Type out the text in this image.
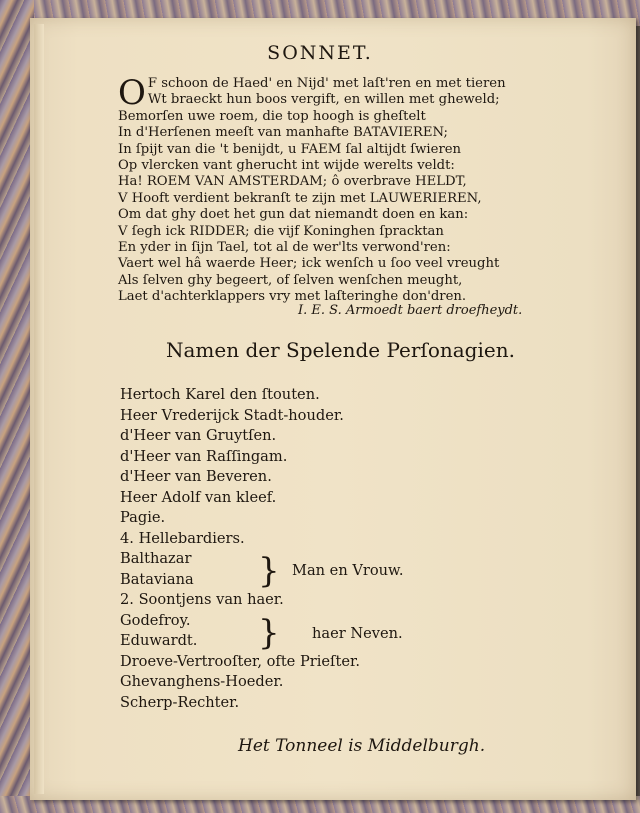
SONNET.
O F schoon de Haed' en Nijd' met laſt'ren en met tieren
Wt braeckt hun boos vergift, en willen met gheweld;
Bemorſen uwe roem, die top hoogh is gheſtelt
In d'Herſenen meeſt van manhafte BATAVIEREN;
In ſpijt van die 't benijdt, u FAEM ſal altijdt ſwieren
Op vlercken vant gherucht int wijde werelts veldt:
Ha! ROEM VAN AMSTERDAM; ô overbrave HELDT,
V Hooft verdient bekranſt te zijn met LAUWERIEREN,
Om dat ghy doet het gun dat niemandt doen en kan:
V ſegh ick RIDDER; die vijf Koninghen ſpracktan
En yder in ſijn Tael, tot al de wer'lts verwond'ren:
Vaert wel hâ waerde Heer; ick wenſch u ſoo veel vreught
Als ſelven ghy begeert, of ſelven wenſchen meught,
Laet d'achterklappers vry met laſteringhe don'dren.
I. E. S. Armoedt baert droefheydt.
Namen der Spelende Perſonagien.
Hertoch Karel den ſtouten.
Heer Vrederijck Stadt-houder.
d'Heer van Gruytſen.
d'Heer van Raſſingam.
d'Heer van Beveren.
Heer Adolf van kleef.
Pagie.
4. Hellebardiers.
Balthazar
Bataviana
2. Soontjens van haer.
Godefroy.
Eduwardt.
Droeve-Vertrooſter, ofte Prieſter.
Ghevanghens-Hoeder.
Scherp-Rechter.
} Man en Vrouw.
} haer Neven.
Het Tonneel is Middelburgh.
